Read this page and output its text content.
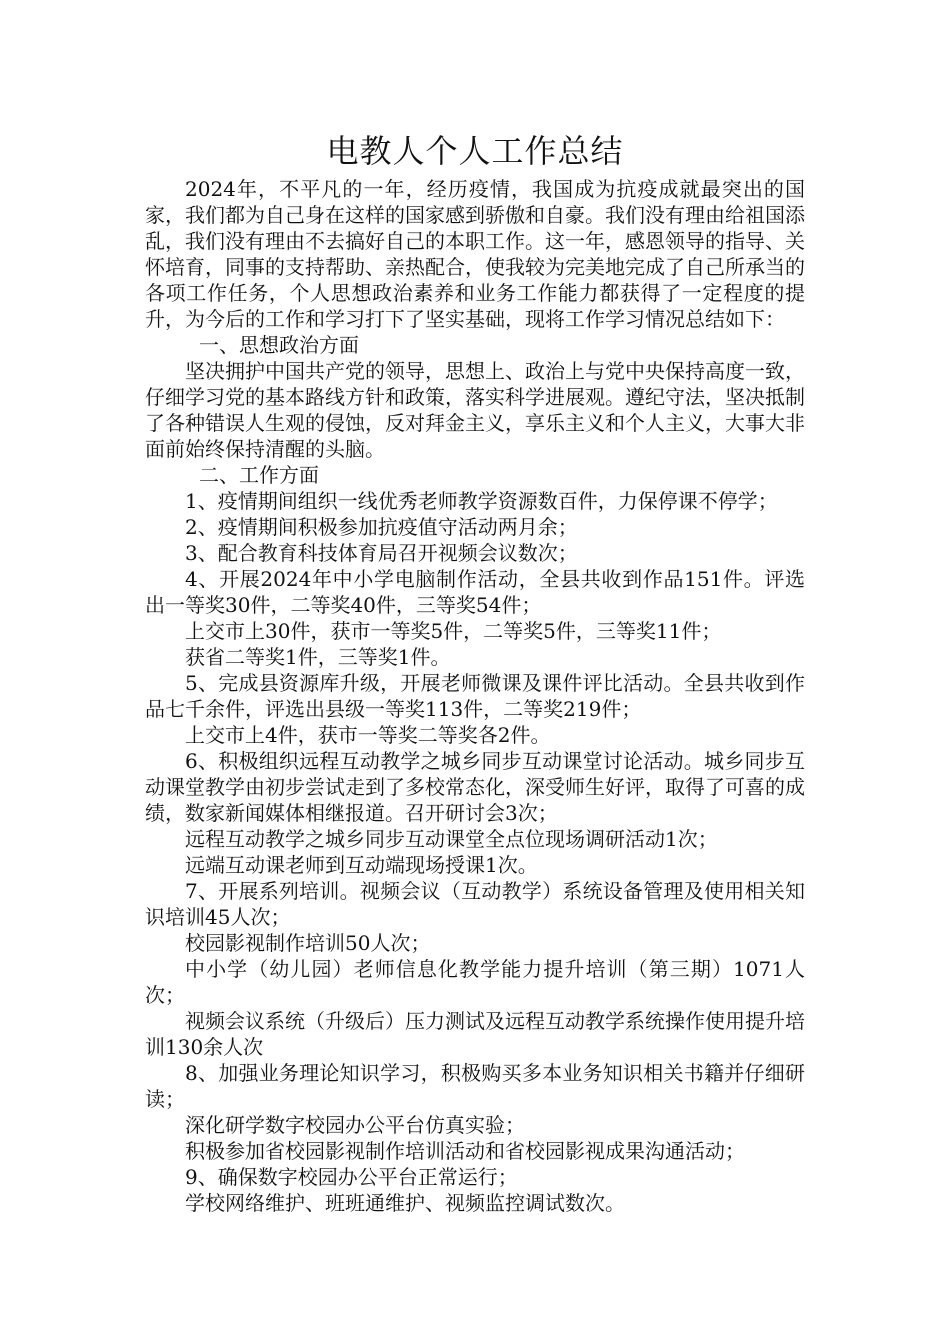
电教人个人工作总结

2024年，不平凡的一年，经历疫情，我国成为抗疫成就最突出的国家，我们都为自己身在这样的国家感到骄傲和自豪。我们没有理由给祖国添乱，我们没有理由不去搞好自己的本职工作。这一年，感恩领导的指导、关怀培育，同事的支持帮助、亲热配合，使我较为完美地完成了自己所承当的各项工作任务，个人思想政治素养和业务工作能力都获得了一定程度的提升，为今后的工作和学习打下了坚实基础，现将工作学习情况总结如下：

一、思想政治方面

坚决拥护中国共产党的领导，思想上、政治上与党中央保持高度一致，仔细学习党的基本路线方针和政策，落实科学进展观。遵纪守法，坚决抵制了各种错误人生观的侵蚀，反对拜金主义，享乐主义和个人主义，大事大非面前始终保持清醒的头脑。

二、工作方面

1、疫情期间组织一线优秀老师教学资源数百件，力保停课不停学；

2、疫情期间积极参加抗疫值守活动两月余；

3、配合教育科技体育局召开视频会议数次；

4、开展2024年中小学电脑制作活动，全县共收到作品151件。评选出一等奖30件，二等奖40件，三等奖54件；

上交市上30件，获市一等奖5件，二等奖5件，三等奖11件；

获省二等奖1件，三等奖1件。

5、完成县资源库升级，开展老师微课及课件评比活动。全县共收到作品七千余件，评选出县级一等奖113件，二等奖219件；

上交市上4件，获市一等奖二等奖各2件。

6、积极组织远程互动教学之城乡同步互动课堂讨论活动。城乡同步互动课堂教学由初步尝试走到了多校常态化，深受师生好评，取得了可喜的成绩，数家新闻媒体相继报道。召开研讨会3次；

远程互动教学之城乡同步互动课堂全点位现场调研活动1次；

远端互动课老师到互动端现场授课1次。

7、开展系列培训。视频会议（互动教学）系统设备管理及使用相关知识培训45人次；

校园影视制作培训50人次；

中小学（幼儿园）老师信息化教学能力提升培训（第三期）1071人次；

视频会议系统（升级后）压力测试及远程互动教学系统操作使用提升培训130余人次

8、加强业务理论知识学习，积极购买多本业务知识相关书籍并仔细研读；

深化研学数字校园办公平台仿真实验；

积极参加省校园影视制作培训活动和省校园影视成果沟通活动；

9、确保数字校园办公平台正常运行；

学校网络维护、班班通维护、视频监控调试数次。
